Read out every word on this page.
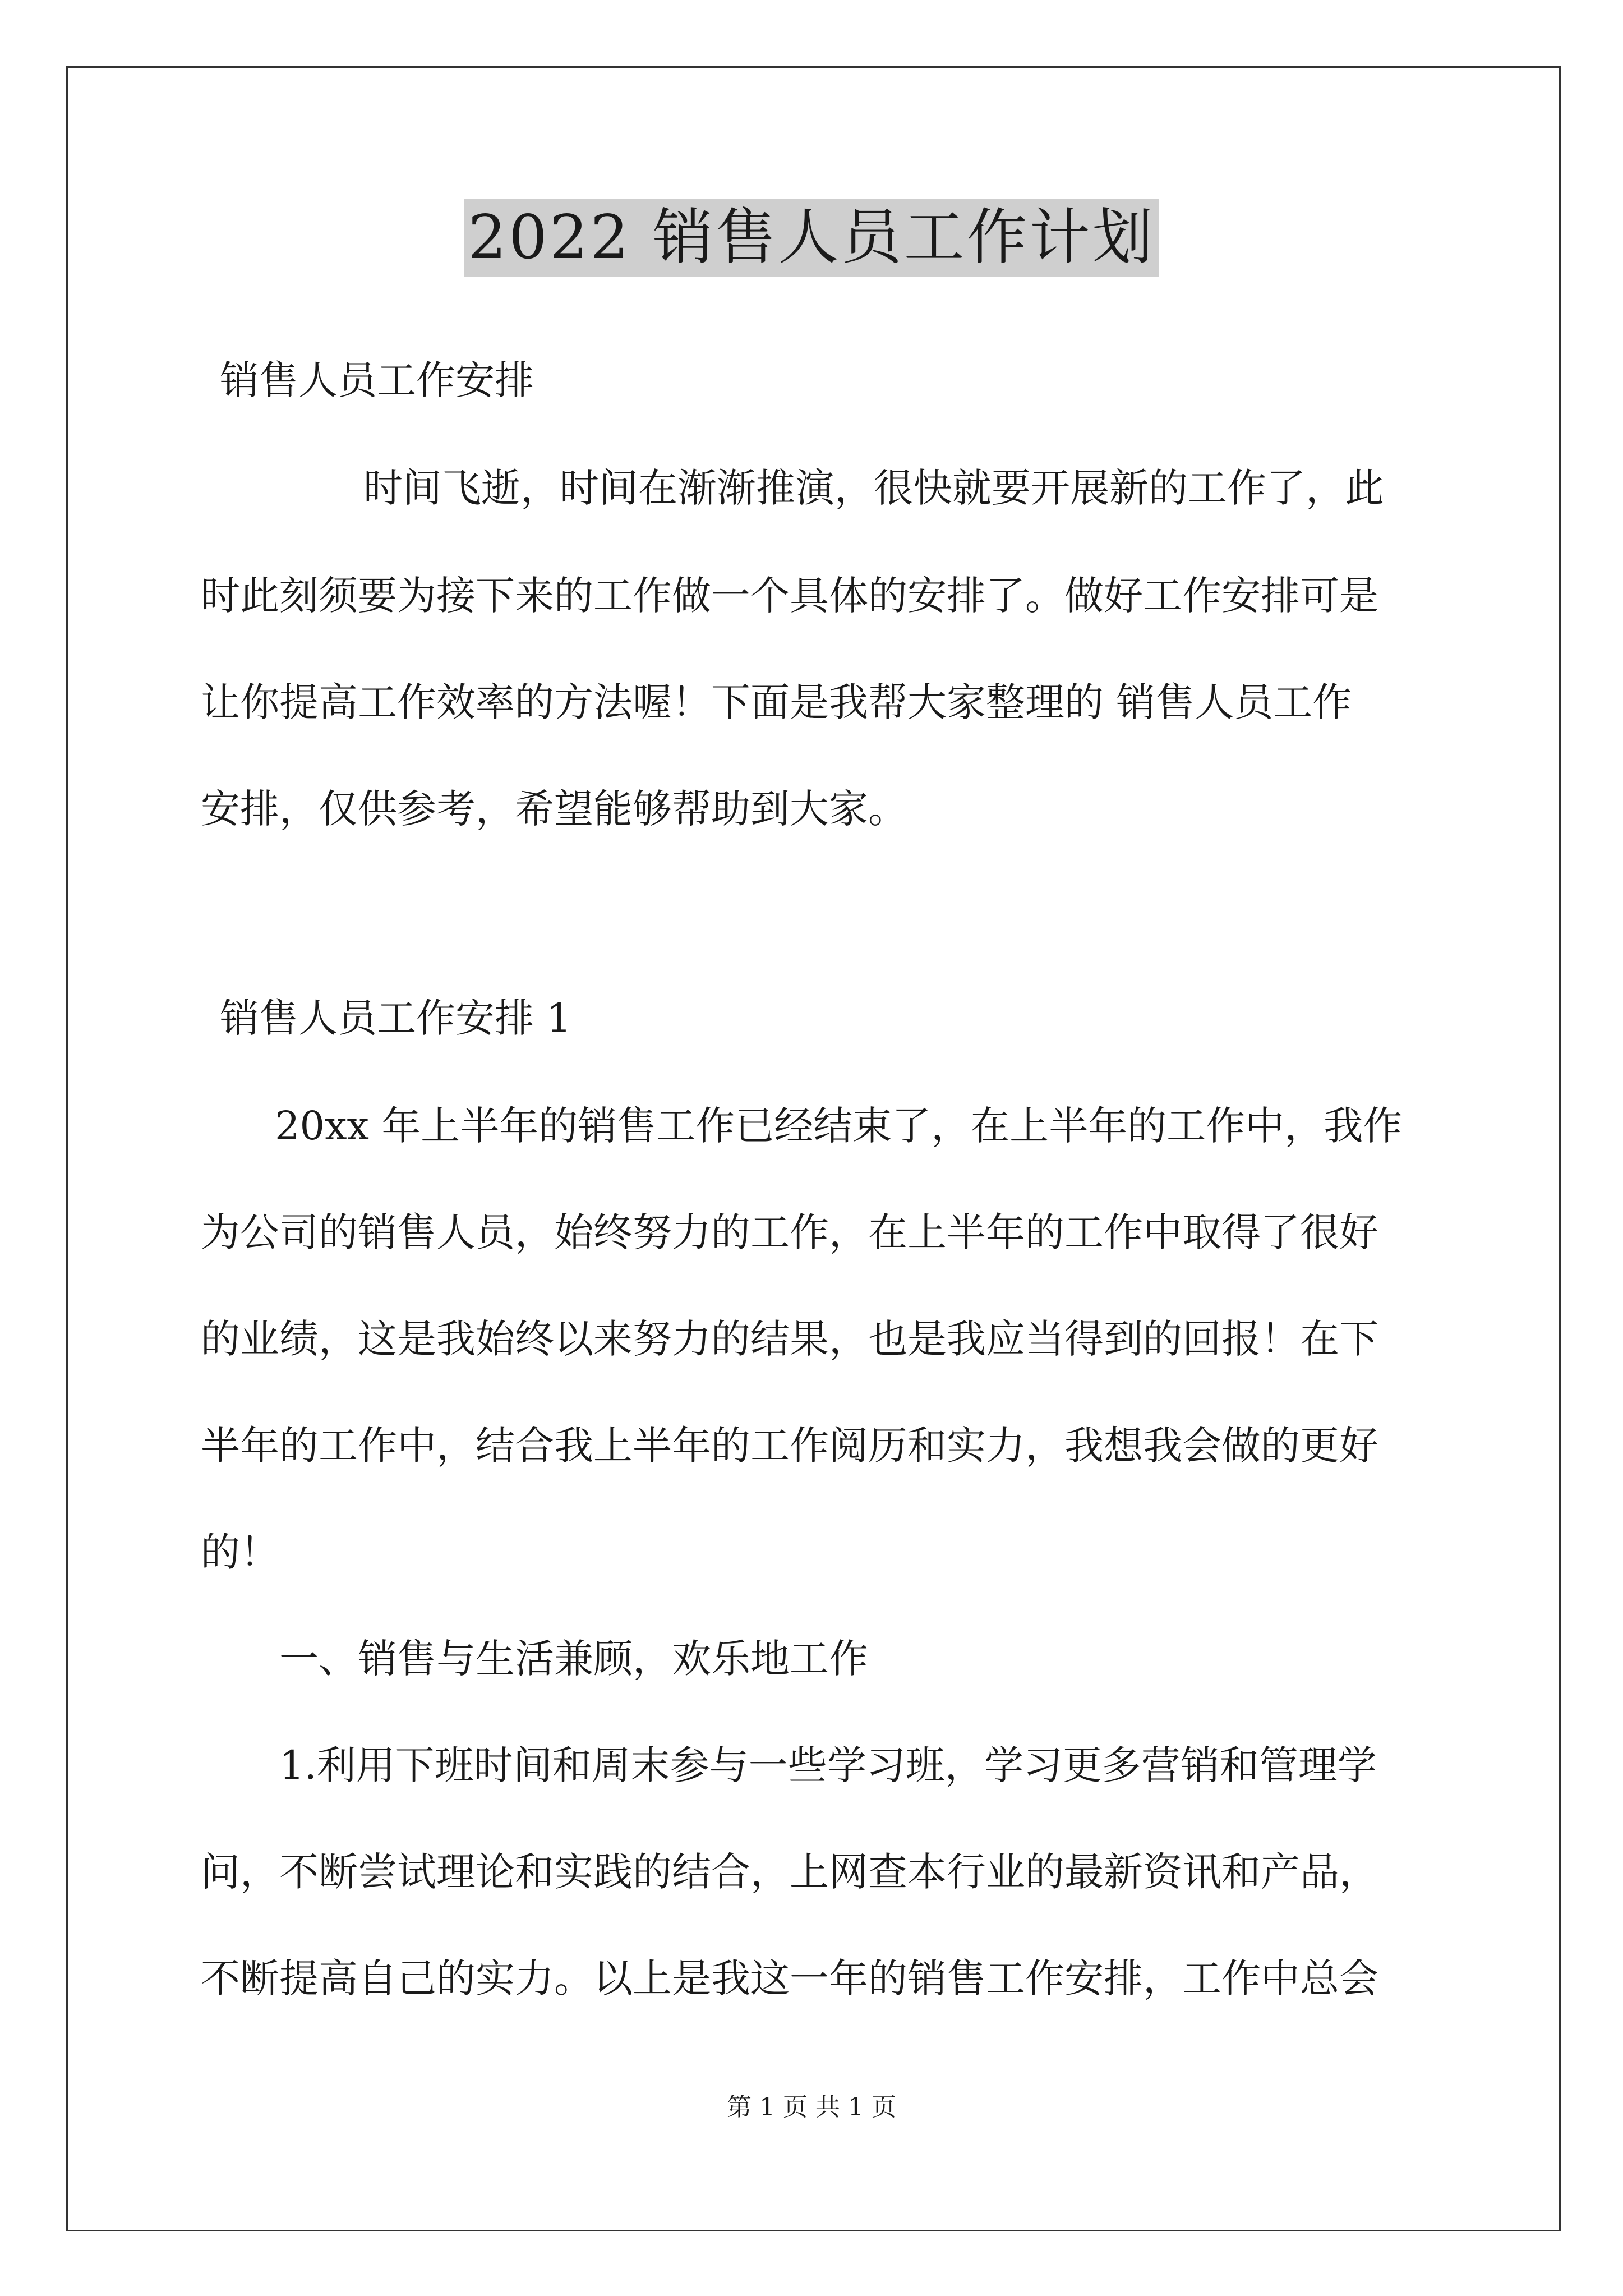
2022 销售人员工作计划
销售人员工作安排
时间飞逝，时间在渐渐推演，很快就要开展新的工作了，此
时此刻须要为接下来的工作做一个具体的安排了。做好工作安排可是
让你提高工作效率的方法喔！下面是我帮大家整理的 销售人员工作
安排，仅供参考，希望能够帮助到大家。
销售人员工作安排 1
20xx 年上半年的销售工作已经结束了，在上半年的工作中，我作
为公司的销售人员，始终努力的工作，在上半年的工作中取得了很好
的业绩，这是我始终以来努力的结果，也是我应当得到的回报！在下
半年的工作中，结合我上半年的工作阅历和实力，我想我会做的更好
的！
一、销售与生活兼顾，欢乐地工作
1.利用下班时间和周末参与一些学习班，学习更多营销和管理学
问，不断尝试理论和实践的结合，上网查本行业的最新资讯和产品，
不断提高自己的实力。以上是我这一年的销售工作安排，工作中总会
第 1 页 共 1 页
